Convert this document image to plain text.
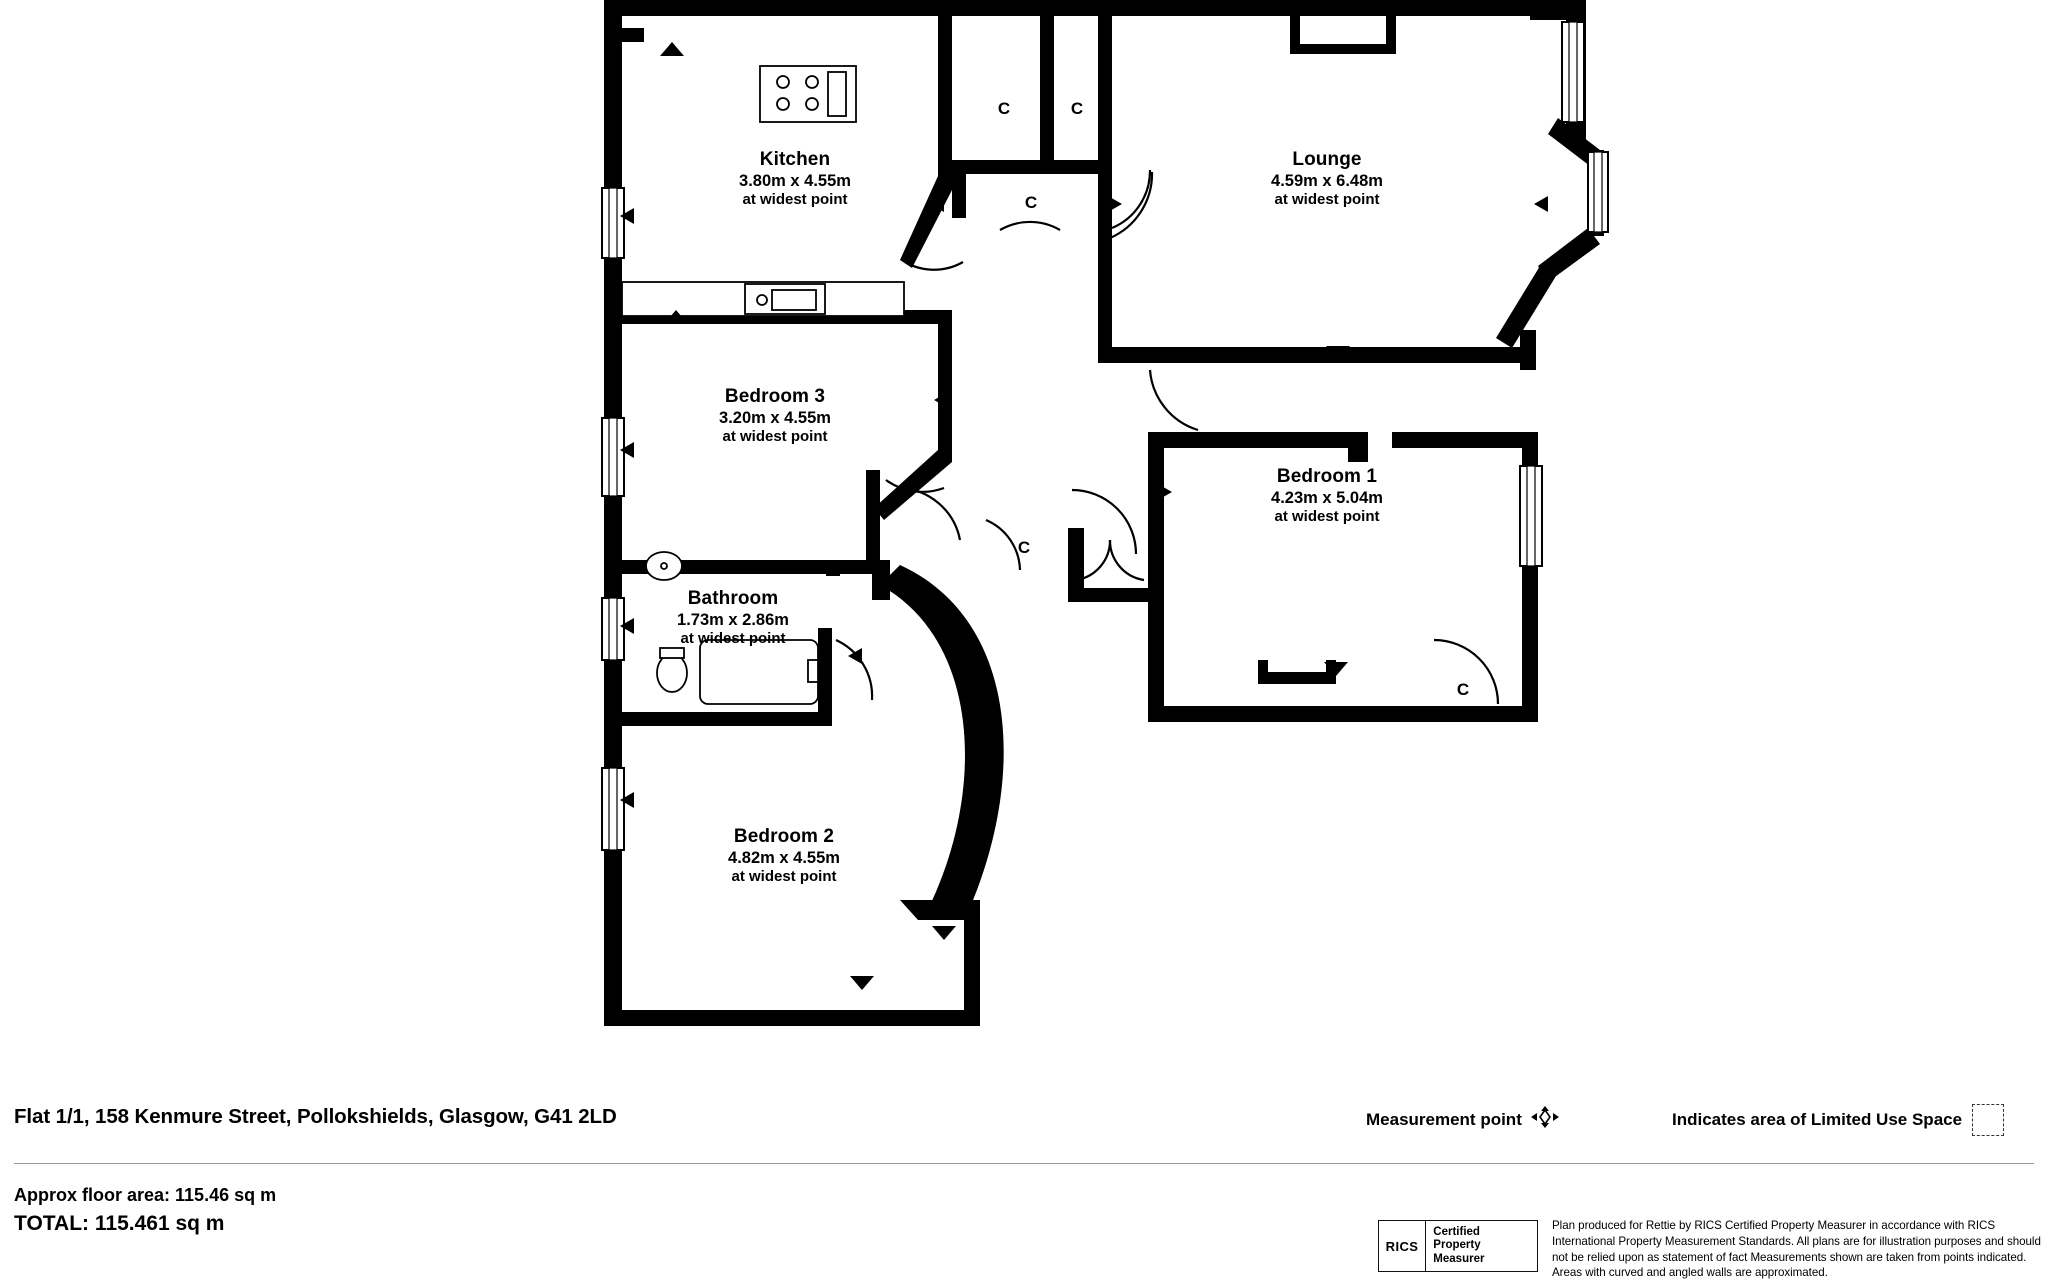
Kitchen
3.80m x 4.55m
at widest point
Lounge
4.59m x 6.48m
at widest point
Bedroom 3
3.20m x 4.55m
at widest point
Bedroom 1
4.23m x 5.04m
at widest point
Bathroom
1.73m x 2.86m
at widest point
Bedroom 2
4.82m x 4.55m
at widest point
C	C
C
C
C
Flat 1/1, 158 Kenmure Street, Pollokshields, Glasgow, G41 2LD
Approx floor area: 115.46 sq m
TOTAL: 115.461 sq m
Measurement point	Indicates area of Limited Use Space
RICS
Certified
Property
Measurer
Plan produced for Rettie by RICS Certified Property Measurer in accordance with RICS International Property Measurement Standards. All plans are for illustration purposes and should not be relied upon as statement of fact Measurements shown are taken from points indicated. Areas with curved and angled walls are approximated.
